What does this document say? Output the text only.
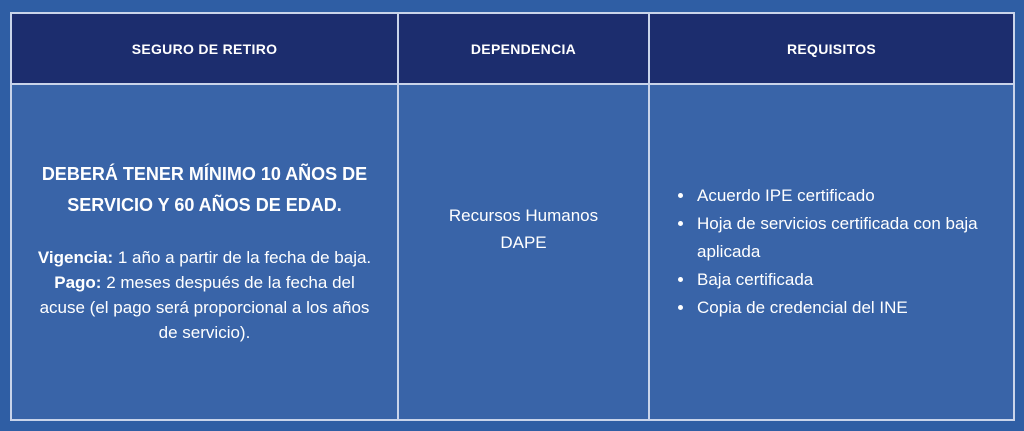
SEGURO DE RETIRO	DEPENDENCIA	REQUISITOS

DEBERÁ TENER MÍNIMO 10 AÑOS DE SERVICIO Y 60 AÑOS DE EDAD.

Vigencia: 1 año a partir de la fecha de baja.

Pago: 2 meses después de la fecha del acuse (el pago será proporcional a los años de servicio).

Recursos Humanos
DAPE
• Acuerdo IPE certificado
• Hoja de servicios certificada con baja aplicada
• Baja certificada
• Copia de credencial del INE
